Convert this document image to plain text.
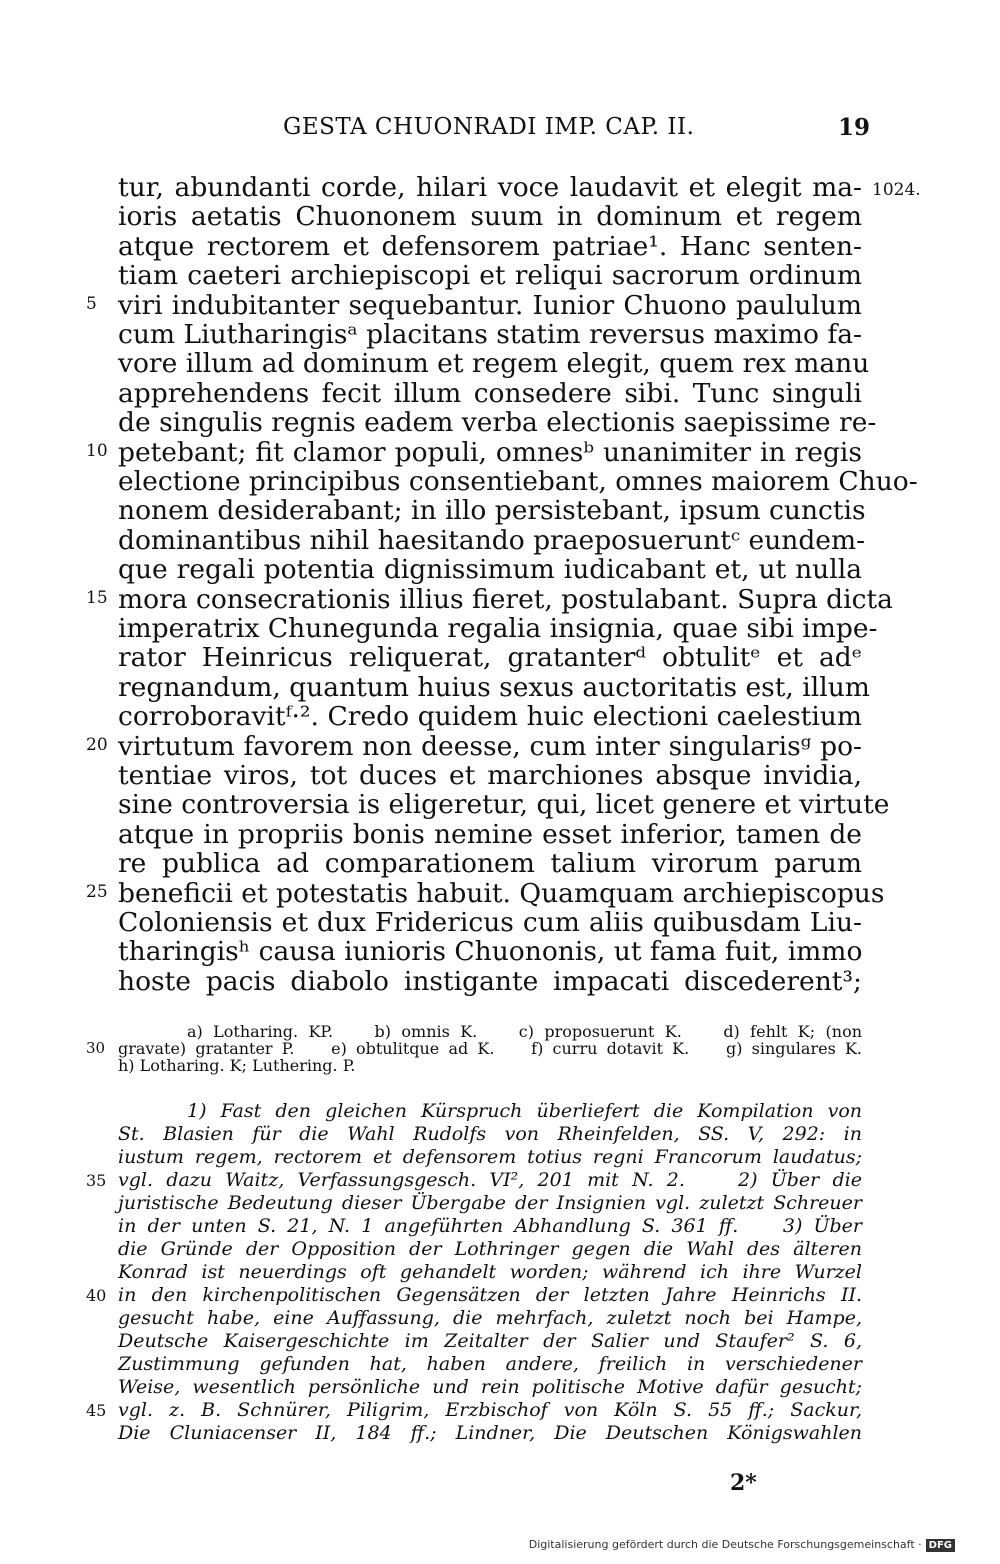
GESTA CHUONRADI IMP. CAP. II.	19
1024.
tur, abundanti corde, hilari voce laudavit et elegit ma-
ioris aetatis Chuononem suum in dominum et regem
atque rectorem et defensorem patriae¹. Hanc senten-
tiam caeteri archiepiscopi et reliqui sacrorum ordinum
5 viri indubitanter sequebantur. Iunior Chuono paululum
cum Liutharingisᵃ placitans statim reversus maximo fa-
vore illum ad dominum et regem elegit, quem rex manu
apprehendens fecit illum consedere sibi. Tunc singuli
de singulis regnis eadem verba electionis saepissime re-
10 petebant; fit clamor populi, omnesᵇ unanimiter in regis
electione principibus consentiebant, omnes maiorem Chuo-
nonem desiderabant; in illo persistebant, ipsum cunctis
dominantibus nihil haesitando praeposueruntᶜ eundem-
que regali potentia dignissimum iudicabant et, ut nulla
15 mora consecrationis illius fieret, postulabant. Supra dicta
imperatrix Chunegunda regalia insignia, quae sibi impe-
rator Heinricus reliquerat, gratanterᵈ obtulitᵉ et adᵉ
regnandum, quantum huius sexus auctoritatis est, illum
corroboravitᶠ·². Credo quidem huic electioni caelestium
20 virtutum favorem non deesse, cum inter singularisᵍ po-
tentiae viros, tot duces et marchiones absque invidia,
sine controversia is eligeretur, qui, licet genere et virtute
atque in propriis bonis nemine esset inferior, tamen de
re publica ad comparationem talium virorum parum
25 beneficii et potestatis habuit. Quamquam archiepiscopus
Coloniensis et dux Fridericus cum aliis quibusdam Liu-
tharingisʰ causa iunioris Chuononis, ut fama fuit, immo
hoste pacis diabolo instigante impacati discederent³;
a) Lotharing. KP.    b) omnis K.    c) proposuerunt K.    d) fehlt K; (non
30 gravate) gratanter P.    e) obtulitque ad K.    f) curru dotavit K.    g) singulares K.
h) Lotharing. K; Luthering. P.
1) Fast den gleichen Kürspruch überliefert die Kompilation von
St. Blasien für die Wahl Rudolfs von Rheinfelden, SS. V, 292: in
iustum regem, rectorem et defensorem totius regni Francorum laudatus;
35 vgl. dazu Waitz, Verfassungsgesch. VI², 201 mit N. 2.    2) Über die
juristische Bedeutung dieser Übergabe der Insignien vgl. zuletzt Schreuer
in der unten S. 21, N. 1 angeführten Abhandlung S. 361 ff.    3) Über
die Gründe der Opposition der Lothringer gegen die Wahl des älteren
Konrad ist neuerdings oft gehandelt worden; während ich ihre Wurzel
40 in den kirchenpolitischen Gegensätzen der letzten Jahre Heinrichs II.
gesucht habe, eine Auffassung, die mehrfach, zuletzt noch bei Hampe,
Deutsche Kaisergeschichte im Zeitalter der Salier und Staufer² S. 6,
Zustimmung gefunden hat, haben andere, freilich in verschiedener
Weise, wesentlich persönliche und rein politische Motive dafür gesucht;
45 vgl. z. B. Schnürer, Piligrim, Erzbischof von Köln S. 55 ff.; Sackur,
Die Cluniacenser II, 184 ff.; Lindner, Die Deutschen Königswahlen
2*
Digitalisierung gefördert durch die Deutsche Forschungsgemeinschaft · DFG
